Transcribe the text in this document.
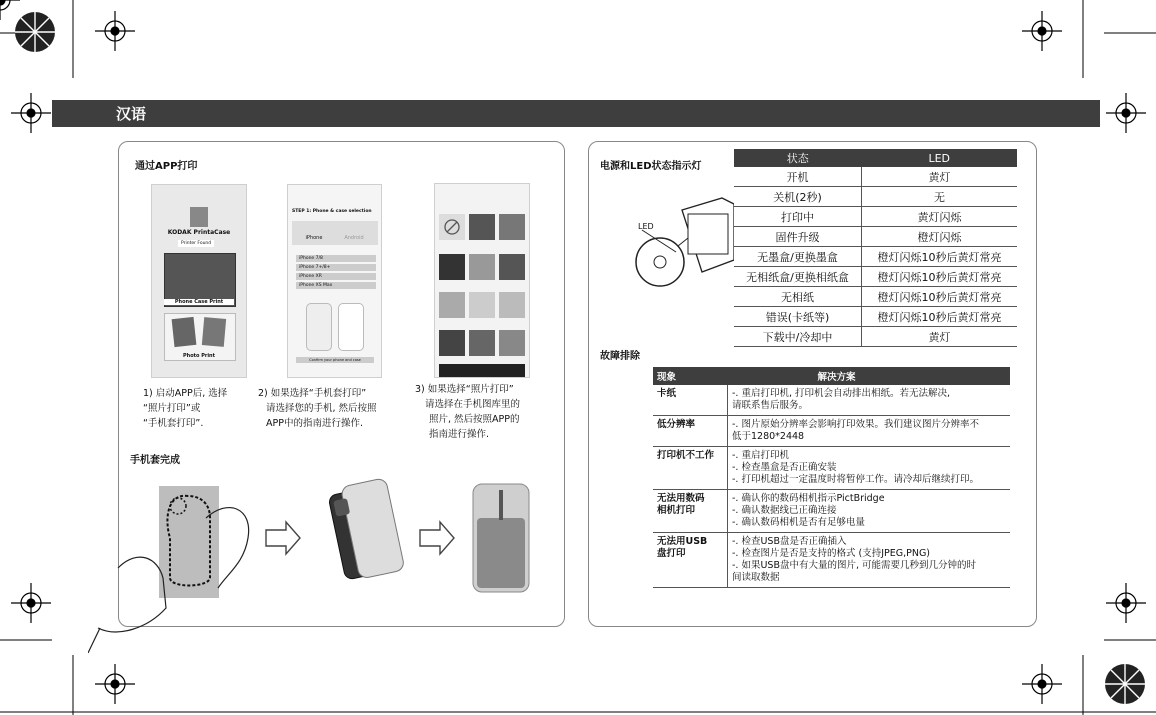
汉语
通过APP打印
KODAK PrintaCase
Printer Found
Phone Case Print
Photo Print
STEP 1: Phone & case selection
iPhone	Android
iPhone 7/8
iPhone 7+/8+
iPhone XR
iPhone XS Max
Confirm your phone and case
1) 启动APP后, 选择
“照片打印”或
“手机套打印”.
2) 如果选择“手机套打印”
请选择您的手机, 然后按照
APP中的指南进行操作.
3) 如果选择“照片打印”
请选择在手机图库里的
照片, 然后按照APP的
指南进行操作.
手机套完成
电源和LED状态指示灯
LED
状态	LED
开机	黄灯
关机(2秒)	无
打印中	黄灯闪烁
固件升级	橙灯闪烁
无墨盒/更换墨盒	橙灯闪烁10秒后黄灯常亮
无相纸盒/更换相纸盒	橙灯闪烁10秒后黄灯常亮
无相纸	橙灯闪烁10秒后黄灯常亮
错误(卡纸等)	橙灯闪烁10秒后黄灯常亮
下载中/冷却中	黄灯
故障排除
现象	解决方案

卡纸	-. 重启打印机, 打印机会自动排出相纸。若无法解决,
请联系售后服务。

低分辨率	-. 图片原始分辨率会影响打印效果。我们建议图片分辨率不
低于1280*2448

打印机不工作	-. 重启打印机
-. 检查墨盒是否正确安装
-. 打印机超过一定温度时将暂停工作。请冷却后继续打印。

无法用数码
相机打印	-. 确认你的数码相机指示PictBridge
-. 确认数据线已正确连接
-. 确认数码相机是否有足够电量

无法用USB
盘打印	-. 检查USB盘是否正确插入
-. 检查图片是否是支持的格式 (支持JPEG,PNG)
-. 如果USB盘中有大量的图片, 可能需要几秒到几分钟的时
间读取数据
